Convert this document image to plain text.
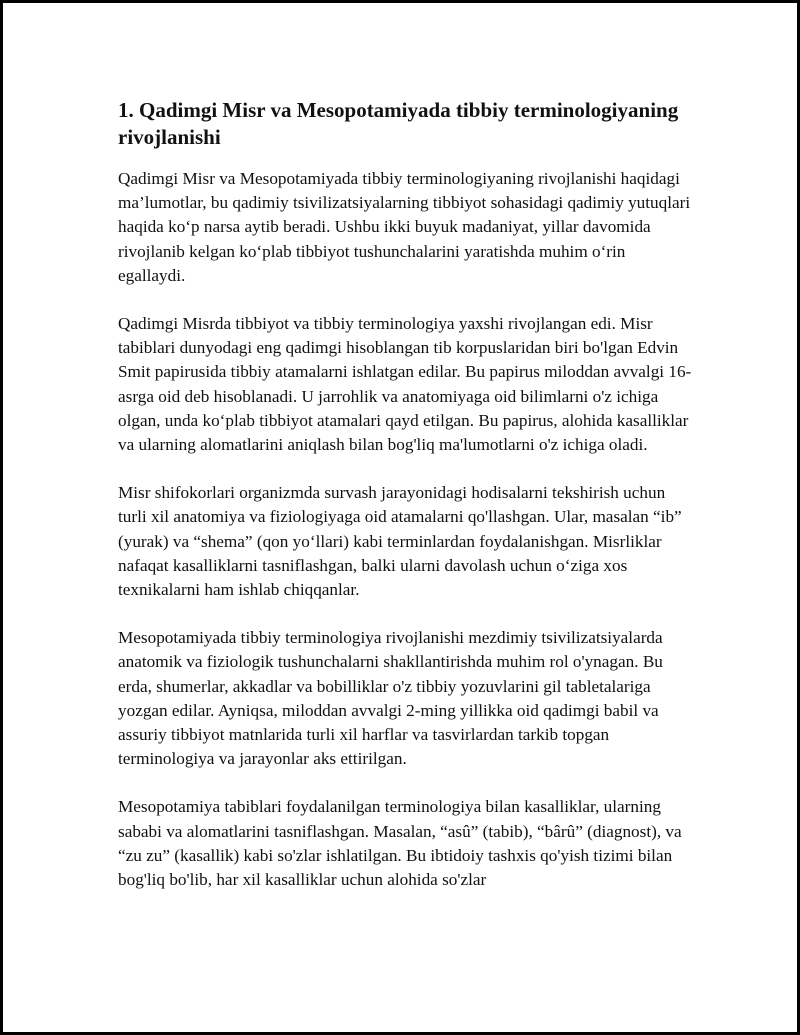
1. Qadimgi Misr va Mesopotamiyada tibbiy terminologiyaning rivojlanishi

Qadimgi Misr va Mesopotamiyada tibbiy terminologiyaning rivojlanishi haqidagi ma’lumotlar, bu qadimiy tsivilizatsiyalarning tibbiyot sohasidagi qadimiy yutuqlari haqida ko‘p narsa aytib beradi. Ushbu ikki buyuk madaniyat, yillar davomida rivojlanib kelgan ko‘plab tibbiyot tushunchalarini yaratishda muhim o‘rin egallaydi.

Qadimgi Misrda tibbiyot va tibbiy terminologiya yaxshi rivojlangan edi. Misr tabiblari dunyodagi eng qadimgi hisoblangan tib korpuslaridan biri bo'lgan Edvin Smit papirusida tibbiy atamalarni ishlatgan edilar. Bu papirus miloddan avvalgi 16-asrga oid deb hisoblanadi. U jarrohlik va anatomiyaga oid bilimlarni o'z ichiga olgan, unda ko‘plab tibbiyot atamalari qayd etilgan. Bu papirus, alohida kasalliklar va ularning alomatlarini aniqlash bilan bog'liq ma'lumotlarni o'z ichiga oladi.

Misr shifokorlari organizmda survash jarayonidagi hodisalarni tekshirish uchun turli xil anatomiya va fiziologiyaga oid atamalarni qo'llashgan. Ular, masalan “ib” (yurak) va “shema” (qon yo‘llari) kabi terminlardan foydalanishgan. Misrliklar nafaqat kasalliklarni tasniflashgan, balki ularni davolash uchun o‘ziga xos texnikalarni ham ishlab chiqqanlar.

Mesopotamiyada tibbiy terminologiya rivojlanishi mezdimiy tsivilizatsiyalarda anatomik va fiziologik tushunchalarni shakllantirishda muhim rol o'ynagan. Bu erda, shumerlar, akkadlar va bobilliklar o'z tibbiy yozuvlarini gil tabletalariga yozgan edilar. Ayniqsa, miloddan avvalgi 2-ming yillikka oid qadimgi babil va assuriy tibbiyot matnlarida turli xil harflar va tasvirlardan tarkib topgan terminologiya va jarayonlar aks ettirilgan.

Mesopotamiya tabiblari foydalanilgan terminologiya bilan kasalliklar, ularning sababi va alomatlarini tasniflashgan. Masalan, “asû” (tabib), “bârû” (diagnost), va “zu zu” (kasallik) kabi so'zlar ishlatilgan. Bu ibtidoiy tashxis qo'yish tizimi bilan bog'liq bo'lib, har xil kasalliklar uchun alohida so'zlar
